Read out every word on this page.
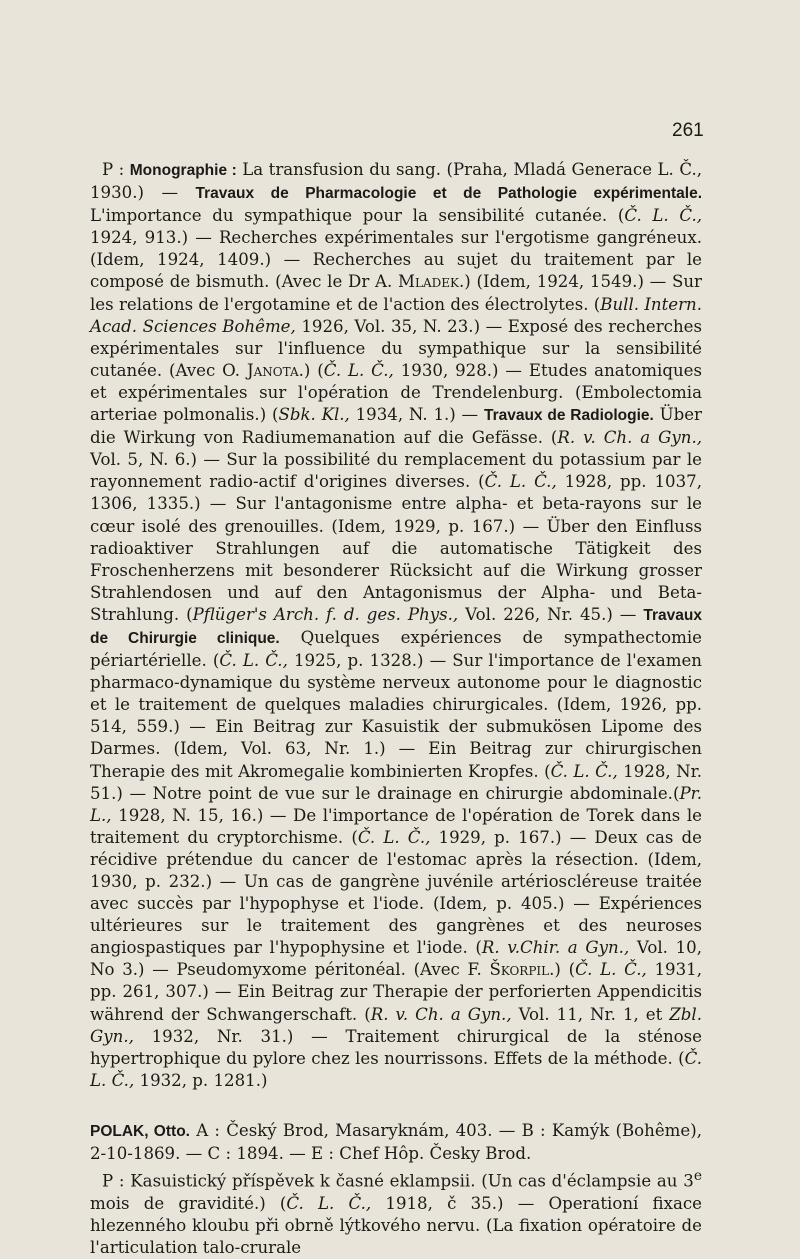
261

P : Monographie : La transfusion du sang. (Praha, Mladá Generace L. Č., 1930.) — Travaux de Pharmacologie et de Pathologie expérimentale. L'importance du sympathique pour la sensibilité cutanée. (Č. L. Č., 1924, 913.) — Recherches expérimentales sur l'ergotisme gangréneux. (Idem, 1924, 1409.) — Recherches au sujet du traitement par le composé de bismuth. (Avec le Dr A. Mladek.) (Idem, 1924, 1549.) — Sur les relations de l'ergotamine et de l'action des électrolytes. (Bull. Intern. Acad. Sciences Bohême, 1926, Vol. 35, N. 23.) — Exposé des recherches expérimentales sur l'influence du sympathique sur la sensibilité cutanée. (Avec O. Janota.) (Č. L. Č., 1930, 928.) — Etudes anatomiques et expérimentales sur l'opération de Trendelenburg. (Embolectomia arteriae polmonalis.) (Sbk. Kl., 1934, N. 1.) — Travaux de Radiologie. Über die Wirkung von Radiumemanation auf die Gefässe. (R. v. Ch. a Gyn., Vol. 5, N. 6.) — Sur la possibilité du remplacement du potassium par le rayonnement radio-actif d'origines diverses. (Č. L. Č., 1928, pp. 1037, 1306, 1335.) — Sur l'antagonisme entre alpha- et beta-rayons sur le cœur isolé des grenouilles. (Idem, 1929, p. 167.) — Über den Einfluss radioaktiver Strahlungen auf die automatische Tätigkeit des Froschenherzens mit besonderer Rücksicht auf die Wirkung grosser Strahlendosen und auf den Antagonismus der Alpha- und Beta-Strahlung. (Pflüger's Arch. f. d. ges. Phys., Vol. 226, Nr. 45.) — Travaux de Chirurgie clinique. Quelques expériences de sympathectomie périartérielle. (Č. L. Č., 1925, p. 1328.) — Sur l'importance de l'examen pharmaco-dynamique du système nerveux autonome pour le diagnostic et le traitement de quelques maladies chirurgicales. (Idem, 1926, pp. 514, 559.) — Ein Beitrag zur Kasuistik der submukösen Lipome des Darmes. (Idem, Vol. 63, Nr. 1.) — Ein Beitrag zur chirurgischen Therapie des mit Akromegalie kombinierten Kropfes. (Č. L. Č., 1928, Nr. 51.) — Notre point de vue sur le drainage en chirurgie abdominale.(Pr. L., 1928, N. 15, 16.) — De l'importance de l'opération de Torek dans le traitement du cryptorchisme. (Č. L. Č., 1929, p. 167.) — Deux cas de récidive prétendue du cancer de l'estomac après la résection. (Idem, 1930, p. 232.) — Un cas de gangrène juvénile artérioscléreuse traitée avec succès par l'hypophyse et l'iode. (Idem, p. 405.) — Expériences ultérieures sur le traitement des gangrènes et des neuroses angiospastiques par l'hypophysine et l'iode. (R. v.Chir. a Gyn., Vol. 10, No 3.) — Pseudomyxome péritonéal. (Avec F. Škorpil.) (Č. L. Č., 1931, pp. 261, 307.) — Ein Beitrag zur Therapie der perforierten Appendicitis während der Schwangerschaft. (R. v. Ch. a Gyn., Vol. 11, Nr. 1, et Zbl. Gyn., 1932, Nr. 31.) — Traitement chirurgical de la sténose hypertrophique du pylore chez les nourrissons. Effets de la méthode. (Č. L. Č., 1932, p. 1281.)

POLAK, Otto. A : Český Brod, Masaryknám, 403. — B : Kamýk (Bohême), 2-10-1869. — C : 1894. — E : Chef Hôp. Česky Brod.

P : Kasuistický příspěvek k časné eklampsii. (Un cas d'éclampsie au 3e mois de gravidité.) (Č. L. Č., 1918, č 35.) — Operationí fixace hlezenného kloubu při obrně lýtkového nervu. (La fixation opératoire de l'articulation talo-crurale
